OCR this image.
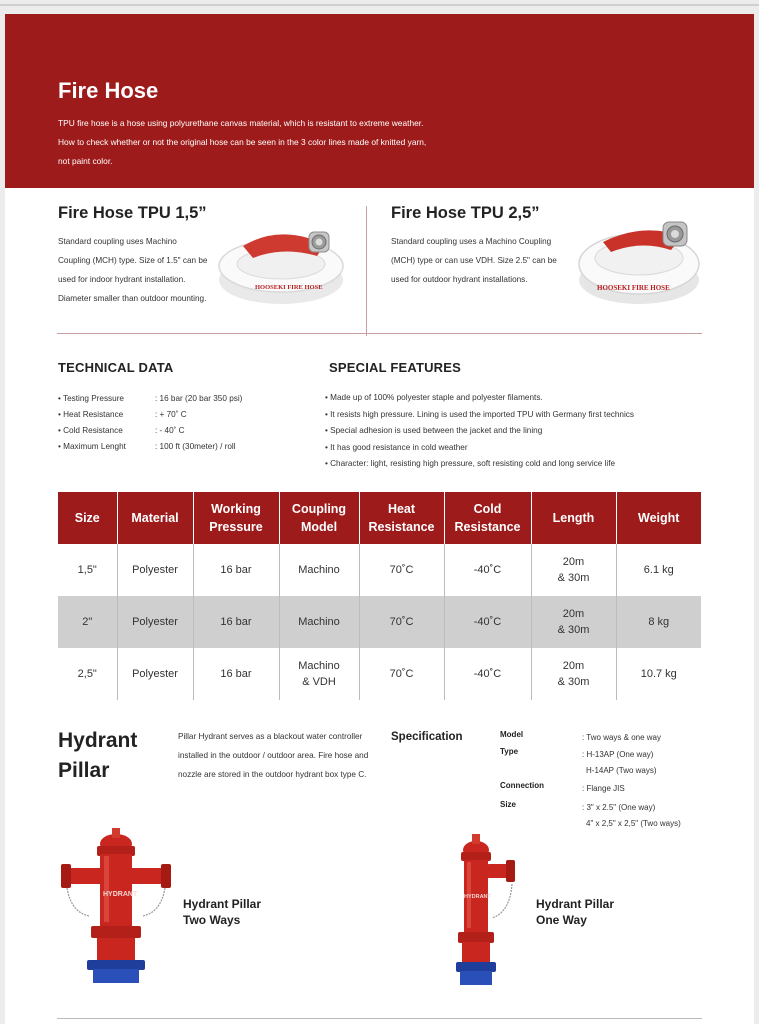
Fire Hose

TPU fire hose is a hose using polyurethane canvas material, which is resistant to extreme weather. How to check whether or not the original hose can be seen in the 3 color lines made of knitted yarn, not paint color.

Fire Hose TPU 1,5”
Standard coupling uses Machino Coupling (MCH) type. Size of 1.5" can be used for indoor hydrant installation. Diameter smaller than outdoor mounting.
HOOSEKI FIRE HOSE
Fire Hose TPU 2,5”
Standard coupling uses a Machino Coupling (MCH) type or can use VDH. Size 2.5" can be used for outdoor hydrant installations.
HOOSEKI FIRE HOSE
TECHNICAL DATA
• Testing Pressure	: 16 bar (20 bar 350 psi)
• Heat Resistance	: + 70˚ C
• Cold Resistance	: - 40˚ C
• Maximum Lenght	: 100 ft (30meter) / roll
SPECIAL FEATURES
• Made up of 100% polyester staple and polyester filaments.
• It resists high pressure. Lining is used the imported TPU with Germany first technics
• Special adhesion is used between the jacket and the lining
• It has good resistance in cold weather
• Character: light, resisting high pressure, soft resisting cold and long service life
Size	Material	Working
Pressure	Coupling
Model	Heat
Resistance	Cold
Resistance	Length	Weight
1,5"	Polyester	16 bar	Machino	70˚C	-40˚C	20m
& 30m	6.1 kg
2"	Polyester	16 bar	Machino	70˚C	-40˚C	20m
& 30m	8 kg
2,5"	Polyester	16 bar	Machino
& VDH	70˚C	-40˚C	20m
& 30m	10.7 kg
Hydrant
Pillar
Pillar Hydrant serves as a blackout water controller installed in the outdoor / outdoor area. Fire hose and nozzle are stored in the outdoor hydrant box type C.
Specification	Model	: Two ways & one way
Type	: H-13AP (One way)
H-14AP (Two ways)
Connection	: Flange JIS
Size	: 3" x 2.5" (One way)
4" x 2,5" x 2,5" (Two ways)
HYDRANT
Hydrant Pillar
Two Ways
HYDRANT	Hydrant Pillar
One Way
